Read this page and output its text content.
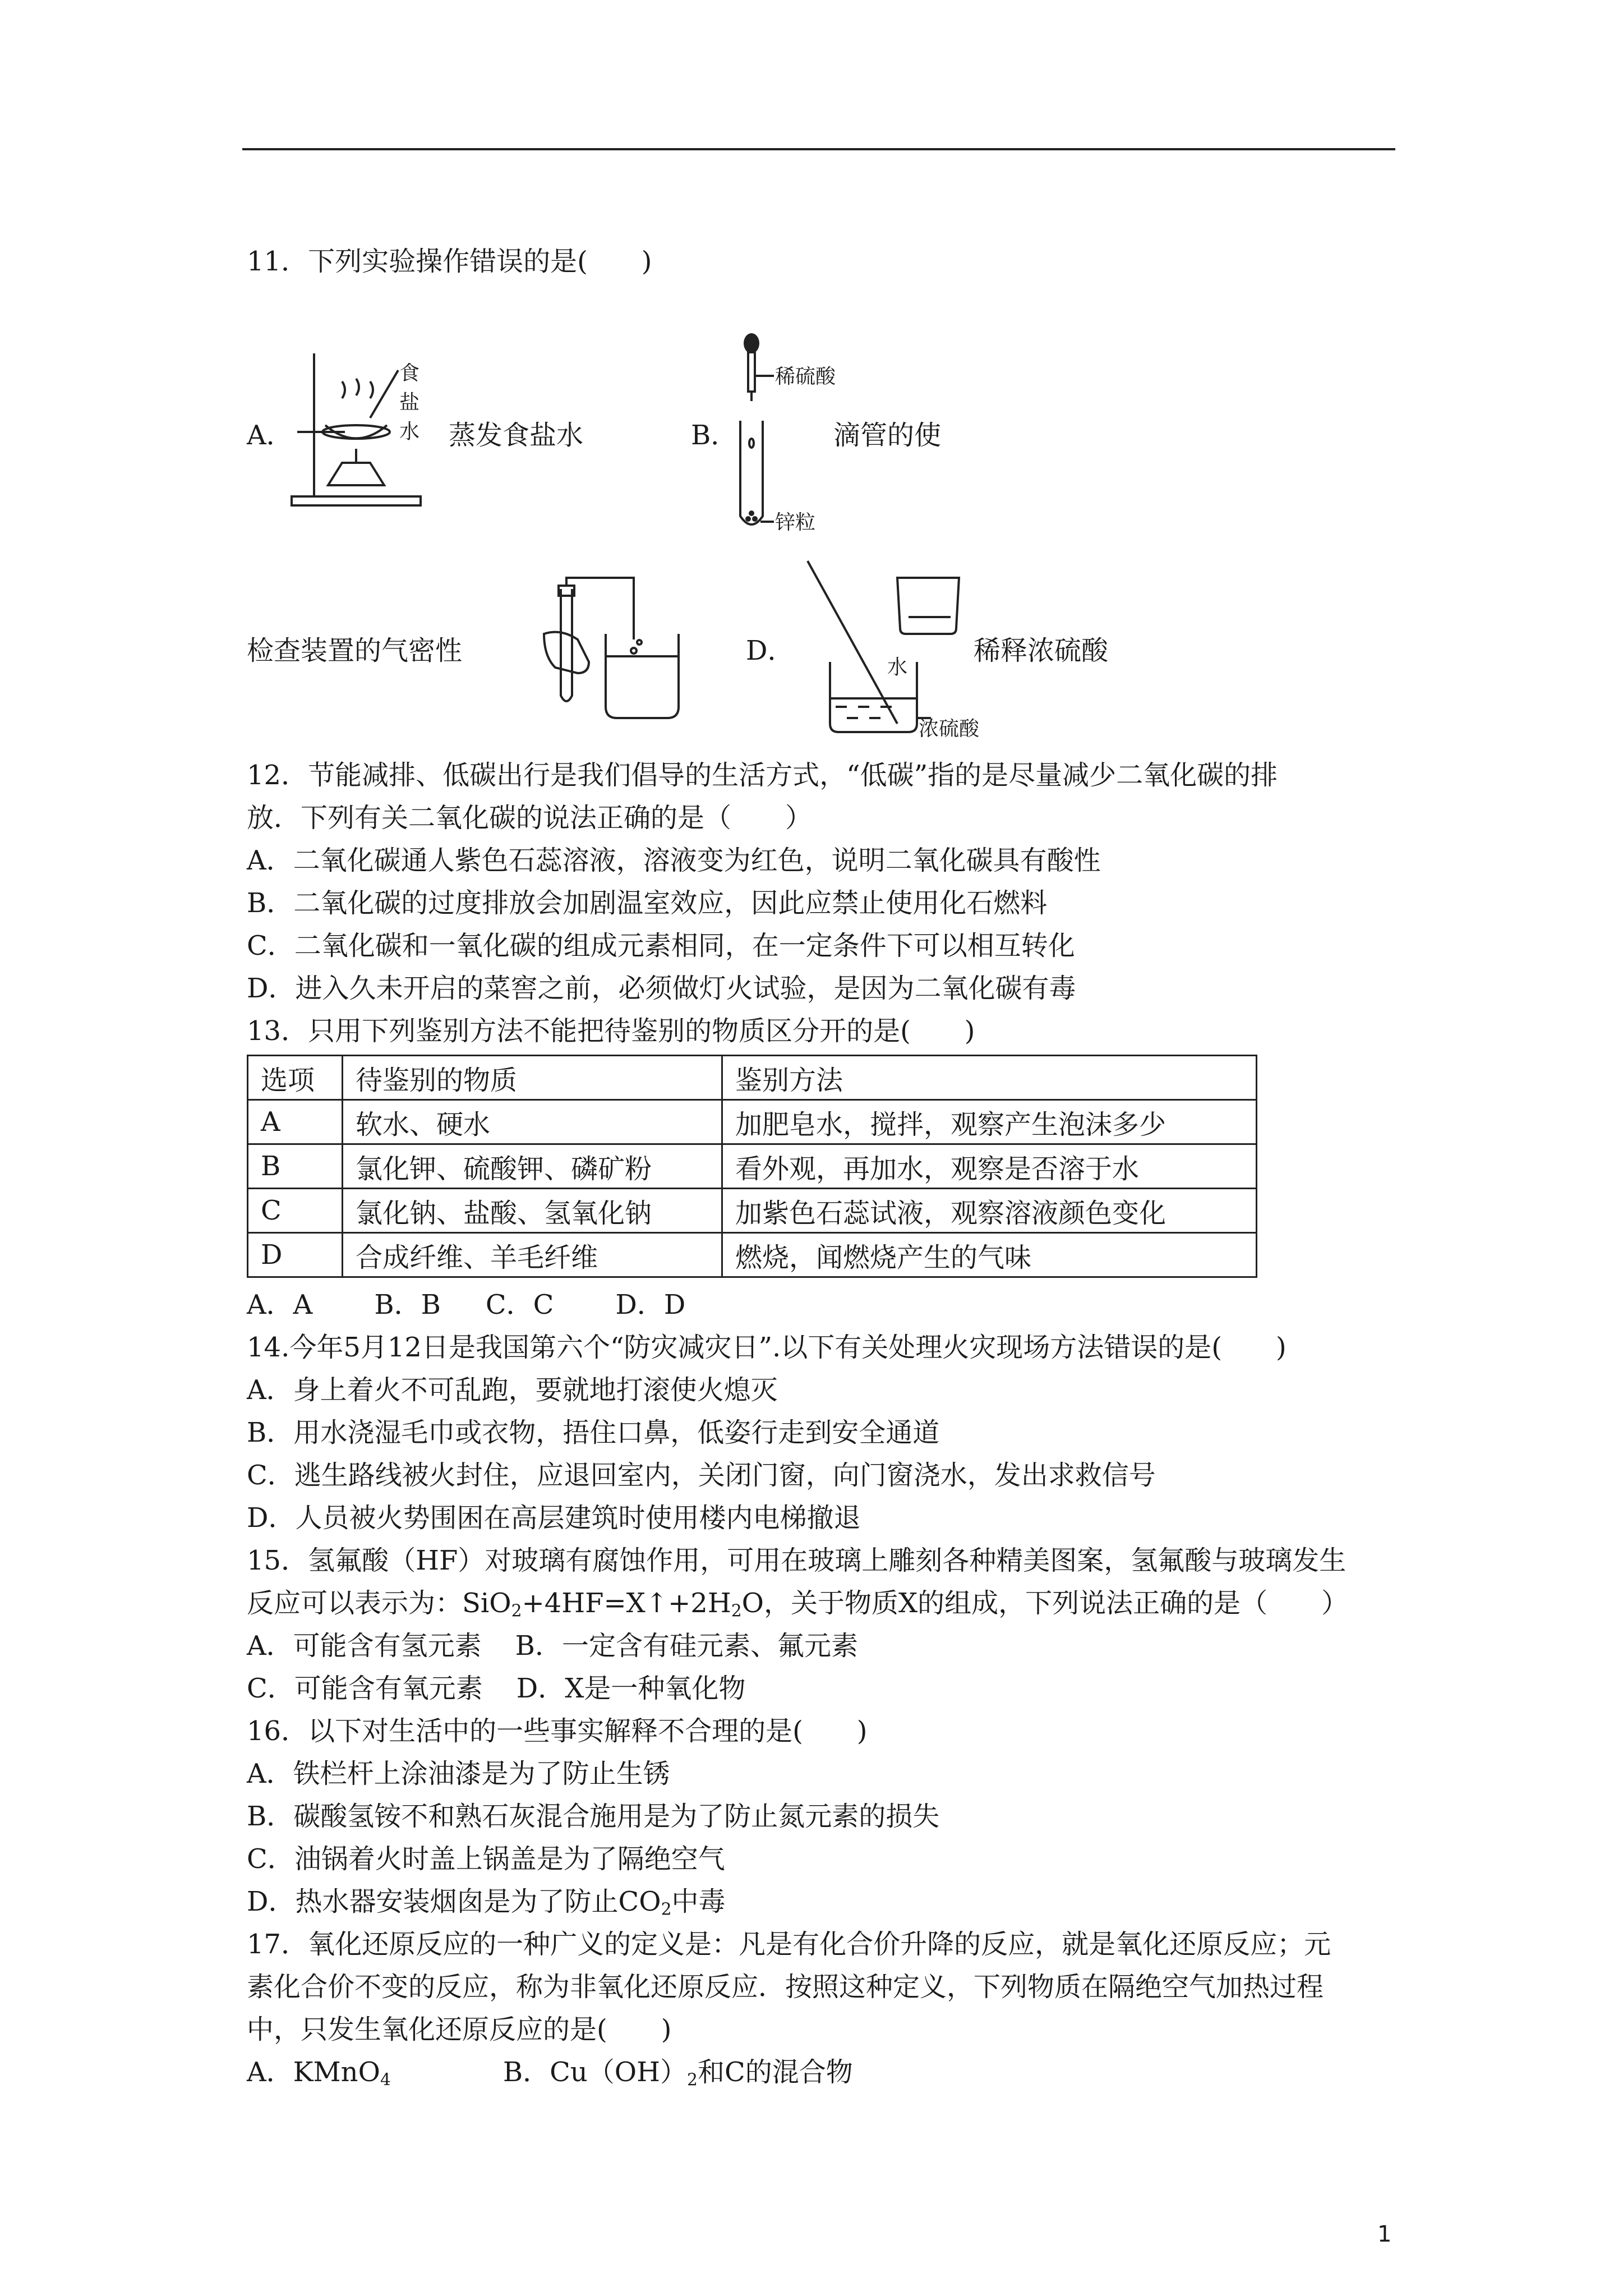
11．下列实验操作错误的是(　　)
A．
食盐水 蒸发食盐水	B．
稀硫酸
锌粒
滴管的使
检查装置的气密性	D．
水
浓硫酸
稀释浓硫酸
12．节能减排、低碳出行是我们倡导的生活方式，“低碳”指的是尽量减少二氧化碳的排
放．下列有关二氧化碳的说法正确的是（　　）
A．二氧化碳通人紫色石蕊溶液，溶液变为红色，说明二氧化碳具有酸性
B．二氧化碳的过度排放会加剧温室效应，因此应禁止使用化石燃料
C．二氧化碳和一氧化碳的组成元素相同，在一定条件下可以相互转化
D．进入久未开启的菜窖之前，必须做灯火试验，是因为二氧化碳有毒
13．只用下列鉴别方法不能把待鉴别的物质区分开的是(　　)
选项	待鉴别的物质	鉴别方法
A	软水、硬水	加肥皂水，搅拌，观察产生泡沫多少
B	氯化钾、硫酸钾、磷矿粉	看外观，再加水，观察是否溶于水
C	氯化钠、盐酸、氢氧化钠	加紫色石蕊试液，观察溶液颜色变化
D	合成纤维、羊毛纤维	燃烧，闻燃烧产生的气味
A．A B．B C．C D．D
14.今年5月12日是我国第六个“防灾减灾日”.以下有关处理火灾现场方法错误的是(　　)
A．身上着火不可乱跑，要就地打滚使火熄灭
B．用水浇湿毛巾或衣物，捂住口鼻，低姿行走到安全通道
C．逃生路线被火封住，应退回室内，关闭门窗，向门窗浇水，发出求救信号
D．人员被火势围困在高层建筑时使用楼内电梯撤退
15．氢氟酸（HF）对玻璃有腐蚀作用，可用在玻璃上雕刻各种精美图案，氢氟酸与玻璃发生
反应可以表示为：$SiO_2+4HF=X↑+2H_2O$，关于物质X的组成，下列说法正确的是（　　）
A．可能含有氢元素 B．一定含有硅元素、氟元素
C．可能含有氧元素 D．X是一种氧化物
16．以下对生活中的一些事实解释不合理的是(　　)
A．铁栏杆上涂油漆是为了防止生锈
B．碳酸氢铵不和熟石灰混合施用是为了防止氮元素的损失
C．油锅着火时盖上锅盖是为了隔绝空气
D．热水器安装烟囱是为了防止$CO_2$中毒
17．氧化还原反应的一种广义的定义是：凡是有化合价升降的反应，就是氧化还原反应；元
素化合价不变的反应，称为非氧化还原反应．按照这种定义，下列物质在隔绝空气加热过程
中，只发生氧化还原反应的是(　　)
A．KMnO$_4$	B．$Cu(OH)_2$和C的混合物
1
